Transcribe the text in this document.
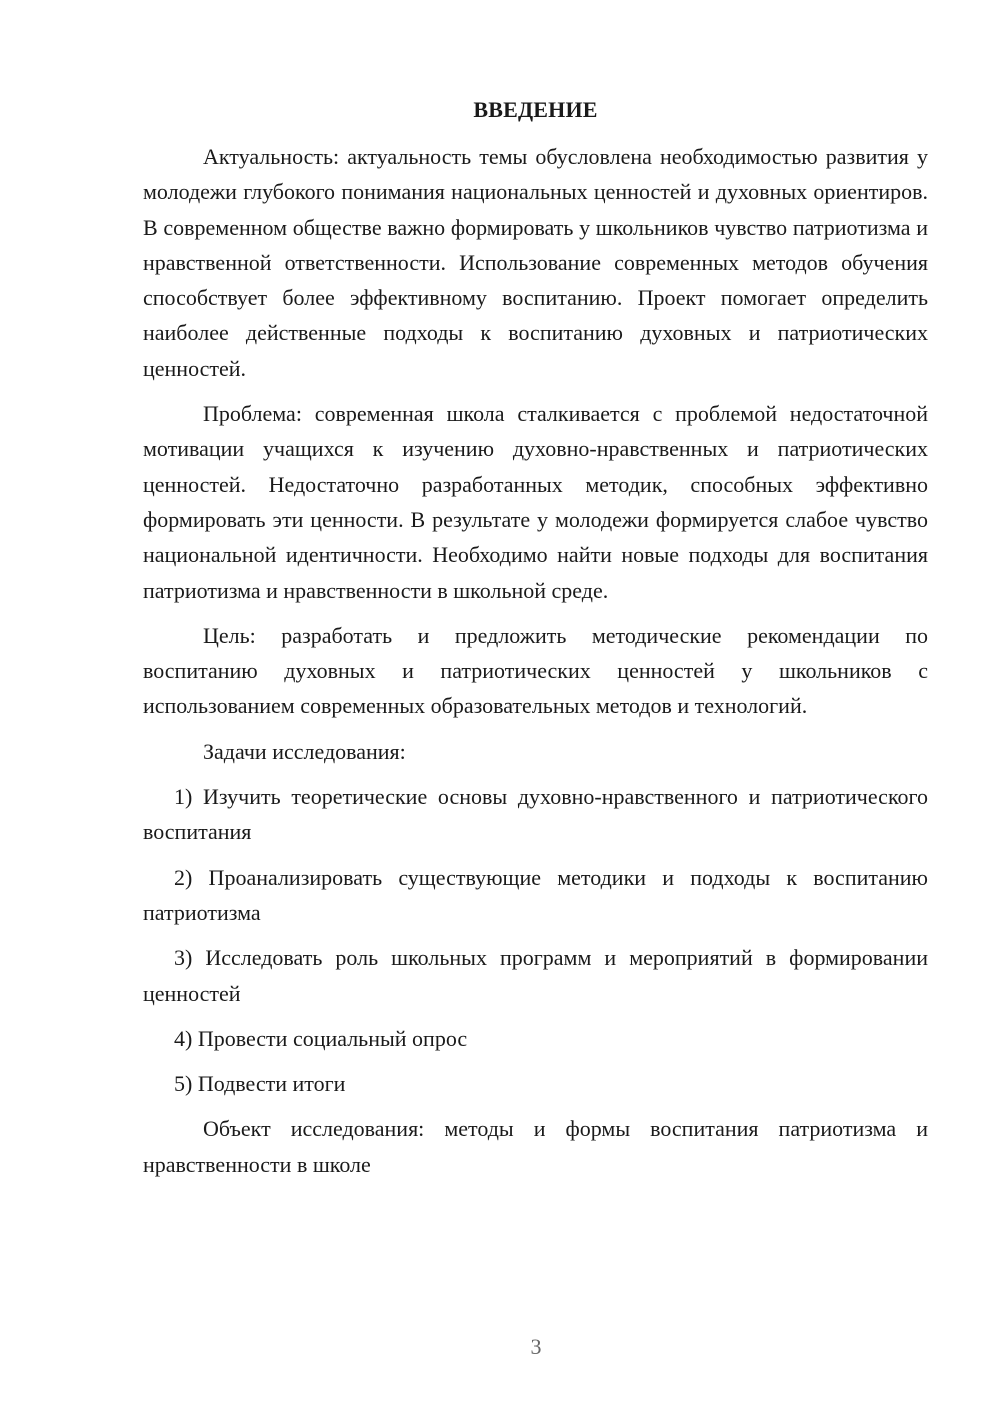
ВВЕДЕНИЕ

Актуальность: актуальность темы обусловлена необходимостью развития у молодежи глубокого понимания национальных ценностей и духовных ориентиров. В современном обществе важно формировать у школьников чувство патриотизма и нравственной ответственности. Использование современных методов обучения способствует более эффективному воспитанию. Проект помогает определить наиболее действенные подходы к воспитанию духовных и патриотических ценностей.

Проблема: современная школа сталкивается с проблемой недостаточной мотивации учащихся к изучению духовно-нравственных и патриотических ценностей. Недостаточно разработанных методик, способных эффективно формировать эти ценности. В результате у молодежи формируется слабое чувство национальной идентичности. Необходимо найти новые подходы для воспитания патриотизма и нравственности в школьной среде.

Цель: разработать и предложить методические рекомендации по воспитанию духовных и патриотических ценностей у школьников с использованием современных образовательных методов и технологий.

Задачи исследования:

1) Изучить теоретические основы духовно-нравственного и патриотического воспитания

2) Проанализировать существующие методики и подходы к воспитанию патриотизма

3) Исследовать роль школьных программ и мероприятий в формировании ценностей

4) Провести социальный опрос

5) Подвести итоги

Объект исследования: методы и формы воспитания патриотизма и нравственности в школе

3
